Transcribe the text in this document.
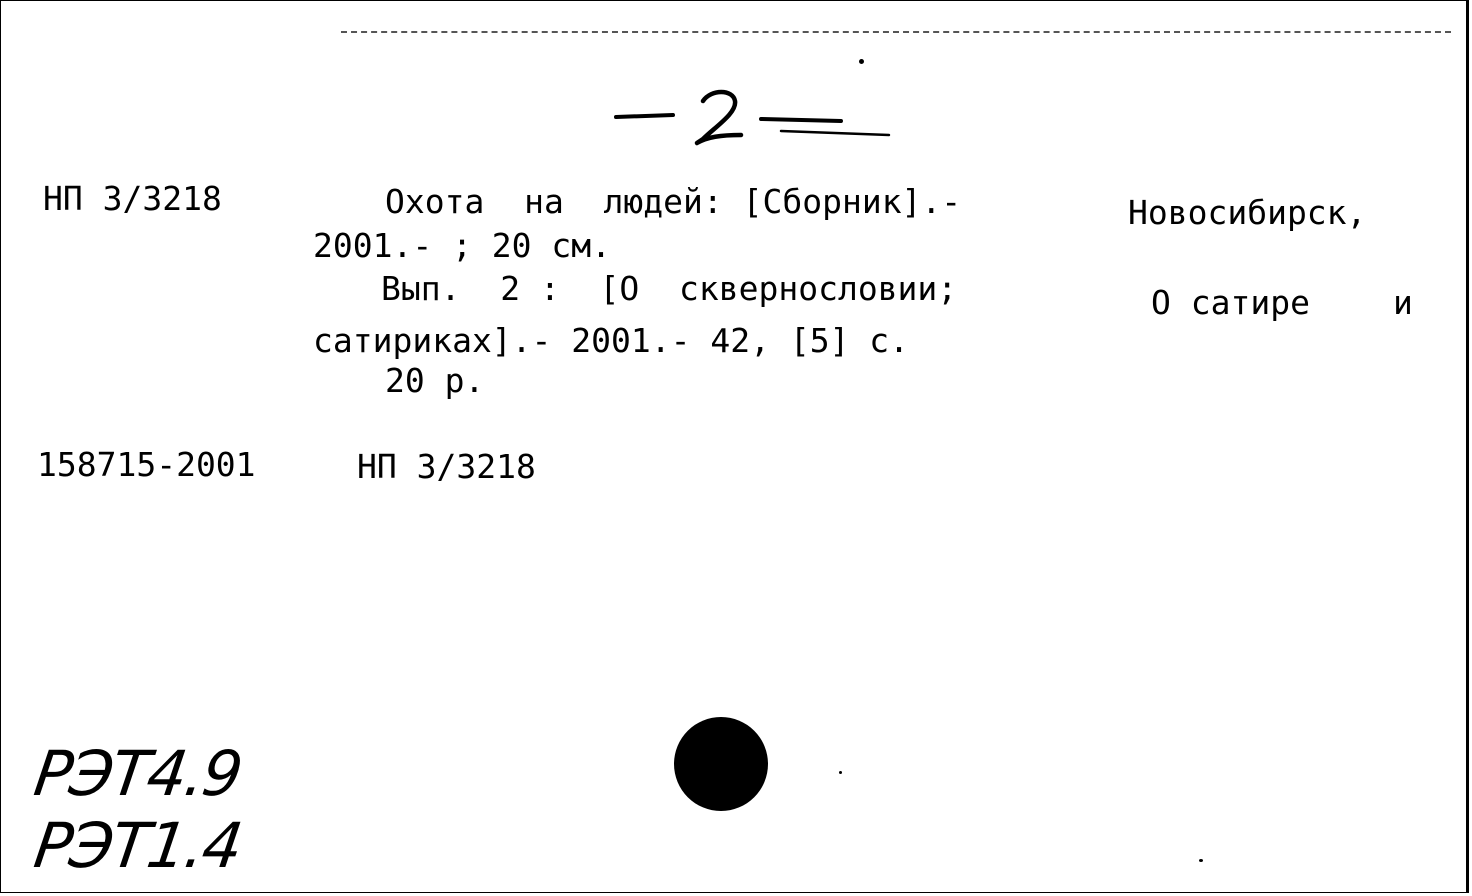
НП 3/3218	Охота  на  людей: [Сборник].-	Новосибирск,
2001.- ; 20 см.
Вып.  2 :  [О  сквернословии;	О сатире	и
сатириках].- 2001.- 42, [5] с.
20 р.
158715-2001	НП 3/3218
РЭТ4.9
РЭТ1.4
